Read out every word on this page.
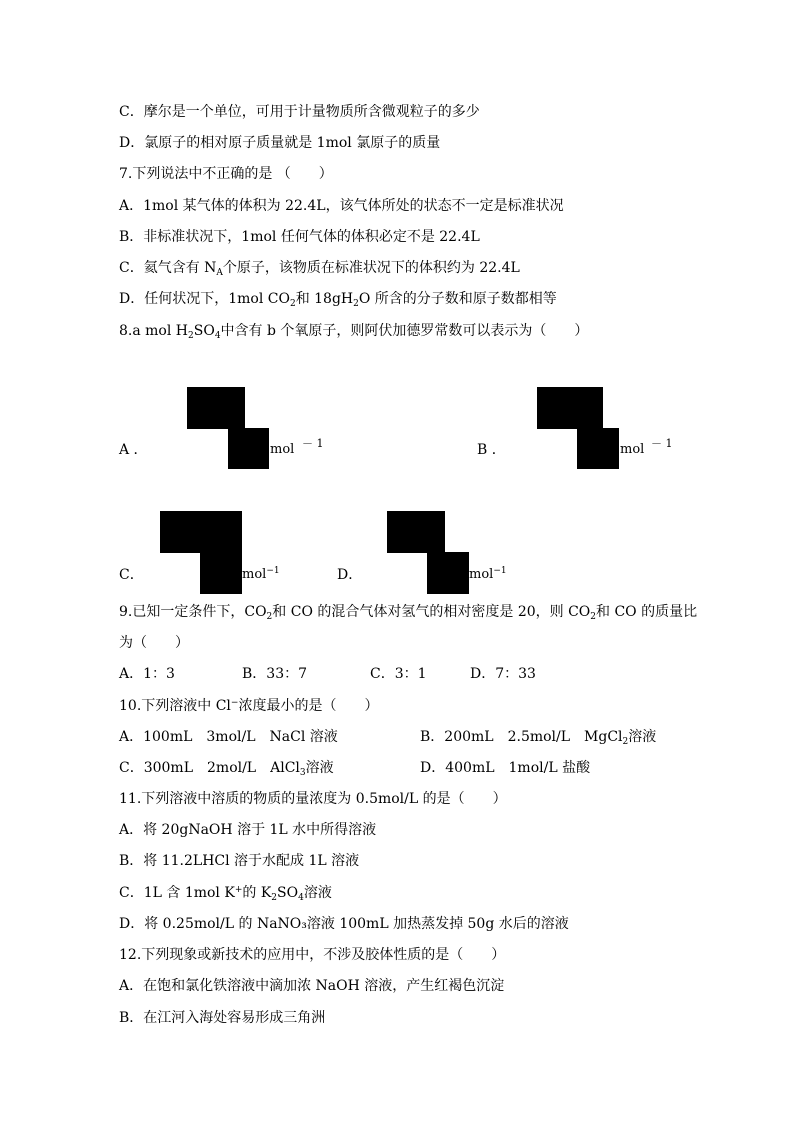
C．摩尔是一个单位，可用于计量物质所含微观粒子的多少
D．氯原子的相对原子质量就是 1mol 氯原子的质量
7.下列说法中不正确的是 （　　）
A．1mol 某气体的体积为 22.4L，该气体所处的状态不一定是标准状况
B．非标准状况下，1mol 任何气体的体积必定不是 22.4L
C．氦气含有 $N_A$个原子，该物质在标准状况下的体积约为 22.4L
D．任何状况下，1mol $CO_2$和 $18gH_2O$ 所含的分子数和原子数都相等
8.a mol $H_2SO_4$中含有 b 个氧原子，则阿伏加德罗常数可以表示为（　　）
A ．	mol － 1	B ．	mol － 1
C．	mol$^{-1}$	D．	mol$^{-1}$
9.已知一定条件下，$CO_2$和 CO 的混合气体对氢气的相对密度是 20，则 $CO_2$和 CO 的质量比
为（　　）
A．1：3	B．33：7	C．3：1	D．7：33
10.下列溶液中 Cl−浓度最小的是（　　）
A．100mL　3mol/L　NaCl 溶液	B．200mL　2.5mol/L　MgCl$_2$溶液
C．300mL　2mol/L　AlCl$_3$溶液	D．400mL　1mol/L 盐酸
11.下列溶液中溶质的物质的量浓度为 0.5mol/L 的是（　　）
A．将 20gNaOH 溶于 1L 水中所得溶液
B．将 11.2LHCl 溶于水配成 1L 溶液
C．1L 含 1mol K+的 $K_2SO_4$溶液
D．将 0.25mol/L 的 NaNO₃溶液 100mL 加热蒸发掉 50g 水后的溶液
12.下列现象或新技术的应用中，不涉及胶体性质的是（　　）
A．在饱和氯化铁溶液中滴加浓 NaOH 溶液，产生红褐色沉淀
B．在江河入海处容易形成三角洲
